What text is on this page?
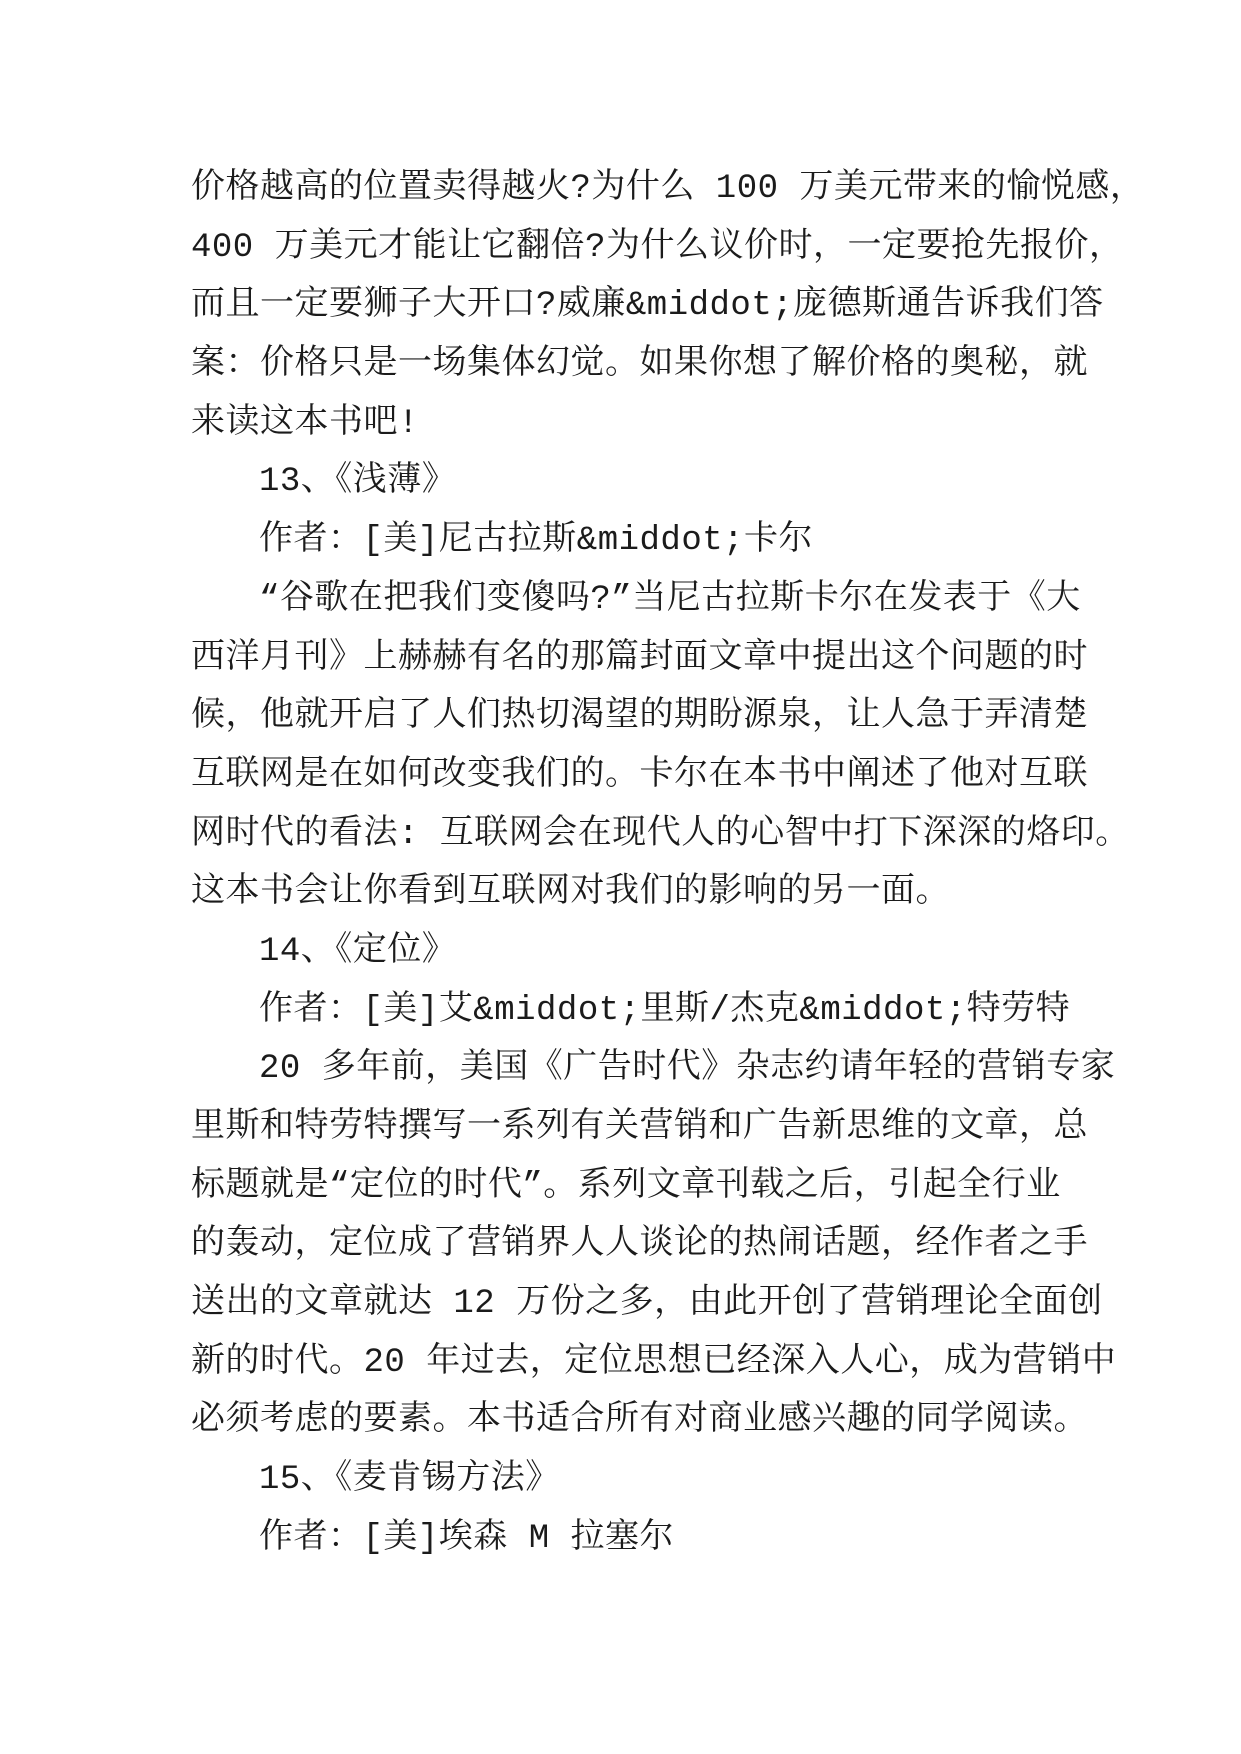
价格越高的位置卖得越火?为什么 100 万美元带来的愉悦感，
400 万美元才能让它翻倍?为什么议价时，一定要抢先报价，
而且一定要狮子大开口?威廉&middot;庞德斯通告诉我们答
案：价格只是一场集体幻觉。如果你想了解价格的奥秘，就
来读这本书吧!
13、《浅薄》
作者：[美]尼古拉斯&middot;卡尔
“谷歌在把我们变傻吗?”当尼古拉斯卡尔在发表于《大
西洋月刊》上赫赫有名的那篇封面文章中提出这个问题的时
候，他就开启了人们热切渴望的期盼源泉，让人急于弄清楚
互联网是在如何改变我们的。卡尔在本书中阐述了他对互联
网时代的看法: 互联网会在现代人的心智中打下深深的烙印。
这本书会让你看到互联网对我们的影响的另一面。
14、《定位》
作者：[美]艾&middot;里斯/杰克&middot;特劳特
20 多年前，美国《广告时代》杂志约请年轻的营销专家
里斯和特劳特撰写一系列有关营销和广告新思维的文章，总
标题就是“定位的时代”。系列文章刊载之后，引起全行业
的轰动，定位成了营销界人人谈论的热闹话题，经作者之手
送出的文章就达 12 万份之多，由此开创了营销理论全面创
新的时代。20 年过去，定位思想已经深入人心，成为营销中
必须考虑的要素。本书适合所有对商业感兴趣的同学阅读。
15、《麦肯锡方法》
作者：[美]埃森 M 拉塞尔
